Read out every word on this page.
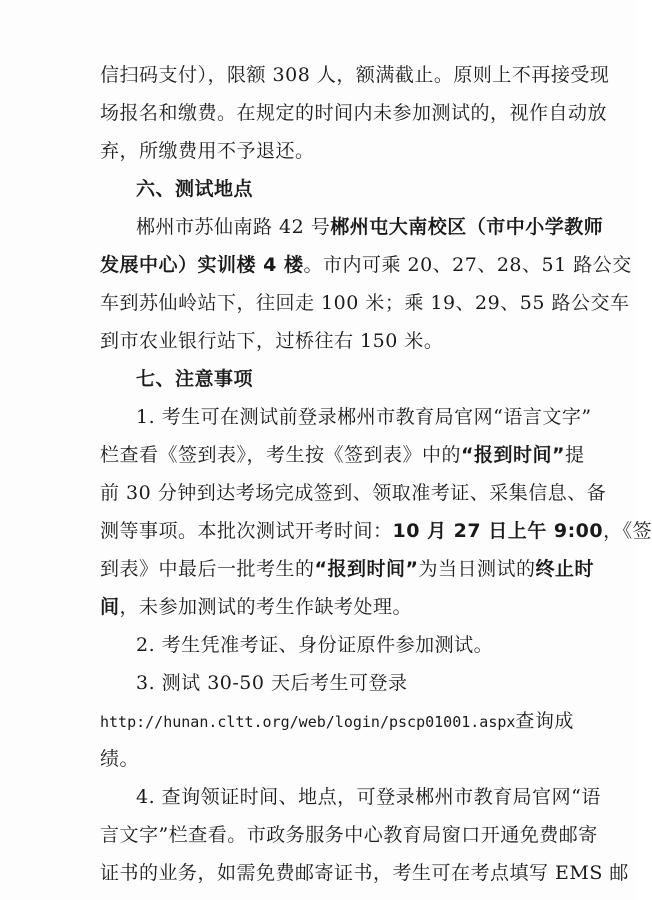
信扫码支付），限额 308 人，额满截止。原则上不再接受现
场报名和缴费。在规定的时间内未参加测试的，视作自动放
弃，所缴费用不予退还。
六、测试地点
郴州市苏仙南路 42 号郴州屯大南校区（市中小学教师
发展中心）实训楼 4 楼。市内可乘 20、27、28、51 路公交
车到苏仙岭站下，往回走 100 米；乘 19、29、55 路公交车
到市农业银行站下，过桥往右 150 米。
七、注意事项
1. 考生可在测试前登录郴州市教育局官网“语言文字”
栏查看《签到表》，考生按《签到表》中的“报到时间”提
前 30 分钟到达考场完成签到、领取准考证、采集信息、备
测等事项。本批次测试开考时间：10 月 27 日上午 9:00，《签
到表》中最后一批考生的“报到时间”为当日测试的终止时
间，未参加测试的考生作缺考处理。
2. 考生凭准考证、身份证原件参加测试。
3. 测试 30-50 天后考生可登录
http://hunan.cltt.org/web/login/pscp01001.aspx查询成
绩。
4. 查询领证时间、地点，可登录郴州市教育局官网“语
言文字”栏查看。市政务服务中心教育局窗口开通免费邮寄
证书的业务，如需免费邮寄证书，考生可在考点填写 EMS 邮
